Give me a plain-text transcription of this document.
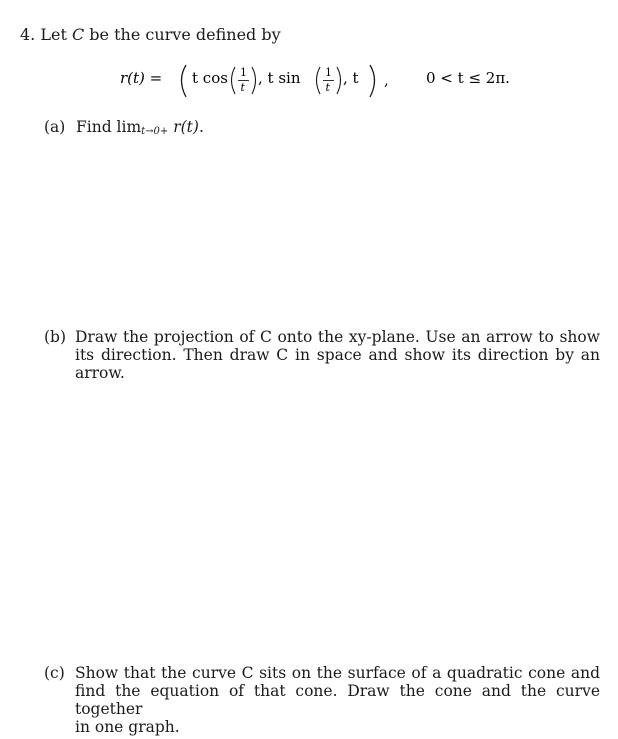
4. Let C be the curve defined by
r(t) = t cos 1
t
, t sin 1
t
, t , 0 < t ≤ 2π.
(a) Find $\lim_{t\to 0+} r(t)$.
(b) Draw the projection of C onto the xy-plane. Use an arrow to show
its direction. Then draw C in space and show its direction by an
arrow.
(c) Show that the curve C sits on the surface of a quadratic cone and
find the equation of that cone. Draw the cone and the curve together
in one graph.
